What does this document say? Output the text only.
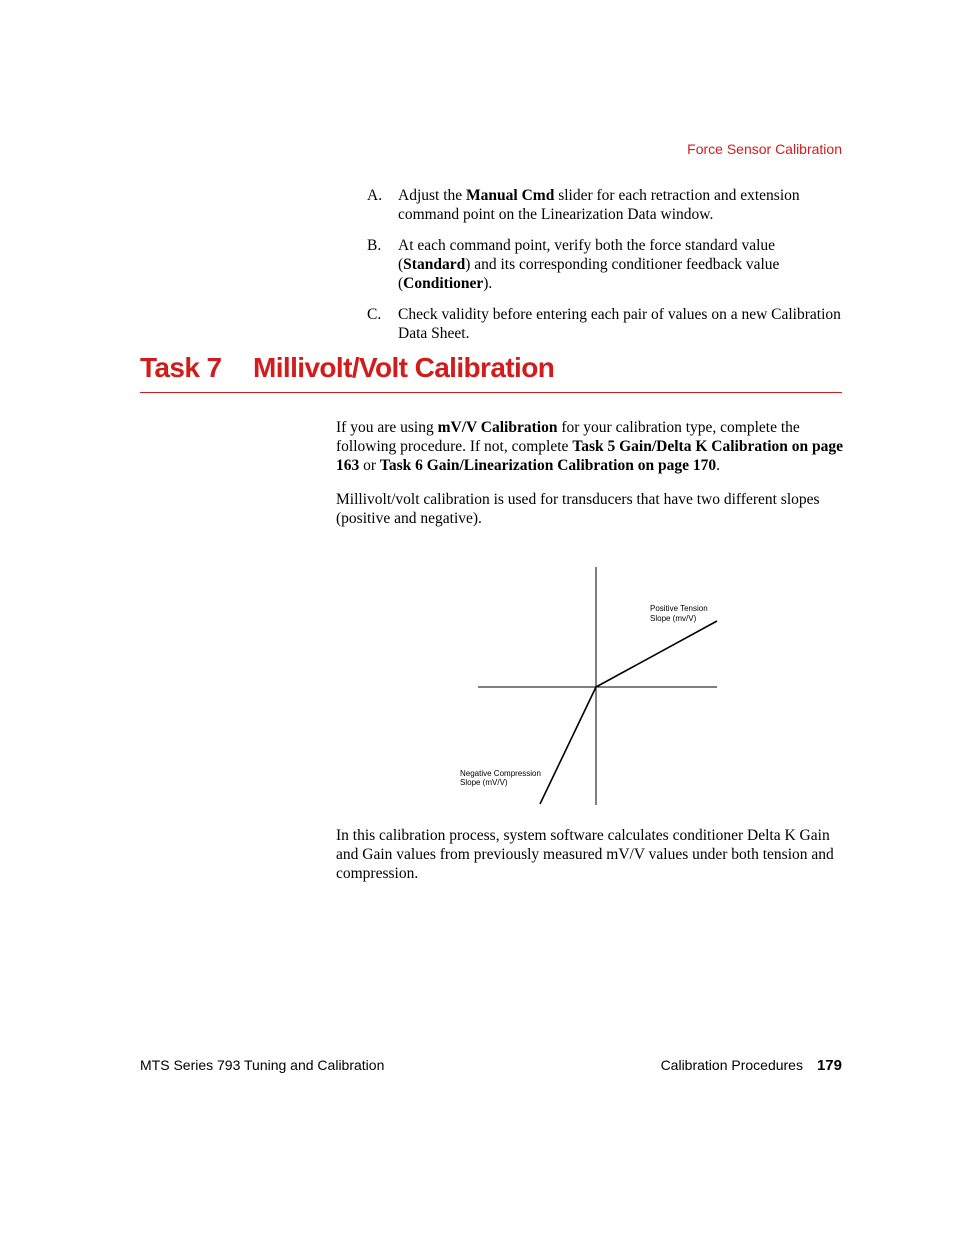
Force Sensor Calibration
A.	Adjust the Manual Cmd slider for each retraction and extension command point on the Linearization Data window.
B.	At each command point, verify both the force standard value (Standard) and its corresponding conditioner feedback value (Conditioner).
C.	Check validity before entering each pair of values on a new Calibration Data Sheet.
Task 7 Millivolt/Volt Calibration

If you are using mV/V Calibration for your calibration type, complete the following procedure. If not, complete Task 5 Gain/Delta K Calibration on page 163 or Task 6 Gain/Linearization Calibration on page 170.

Millivolt/volt calibration is used for transducers that have two different slopes (positive and negative).

Positive Tension
Slope (mv/V)
Negative Compression
Slope (mV/V)

In this calibration process, system software calculates conditioner Delta K Gain and Gain values from previously measured mV/V values under both tension and compression.

MTS Series 793 Tuning and Calibration	Calibration Procedures 179
